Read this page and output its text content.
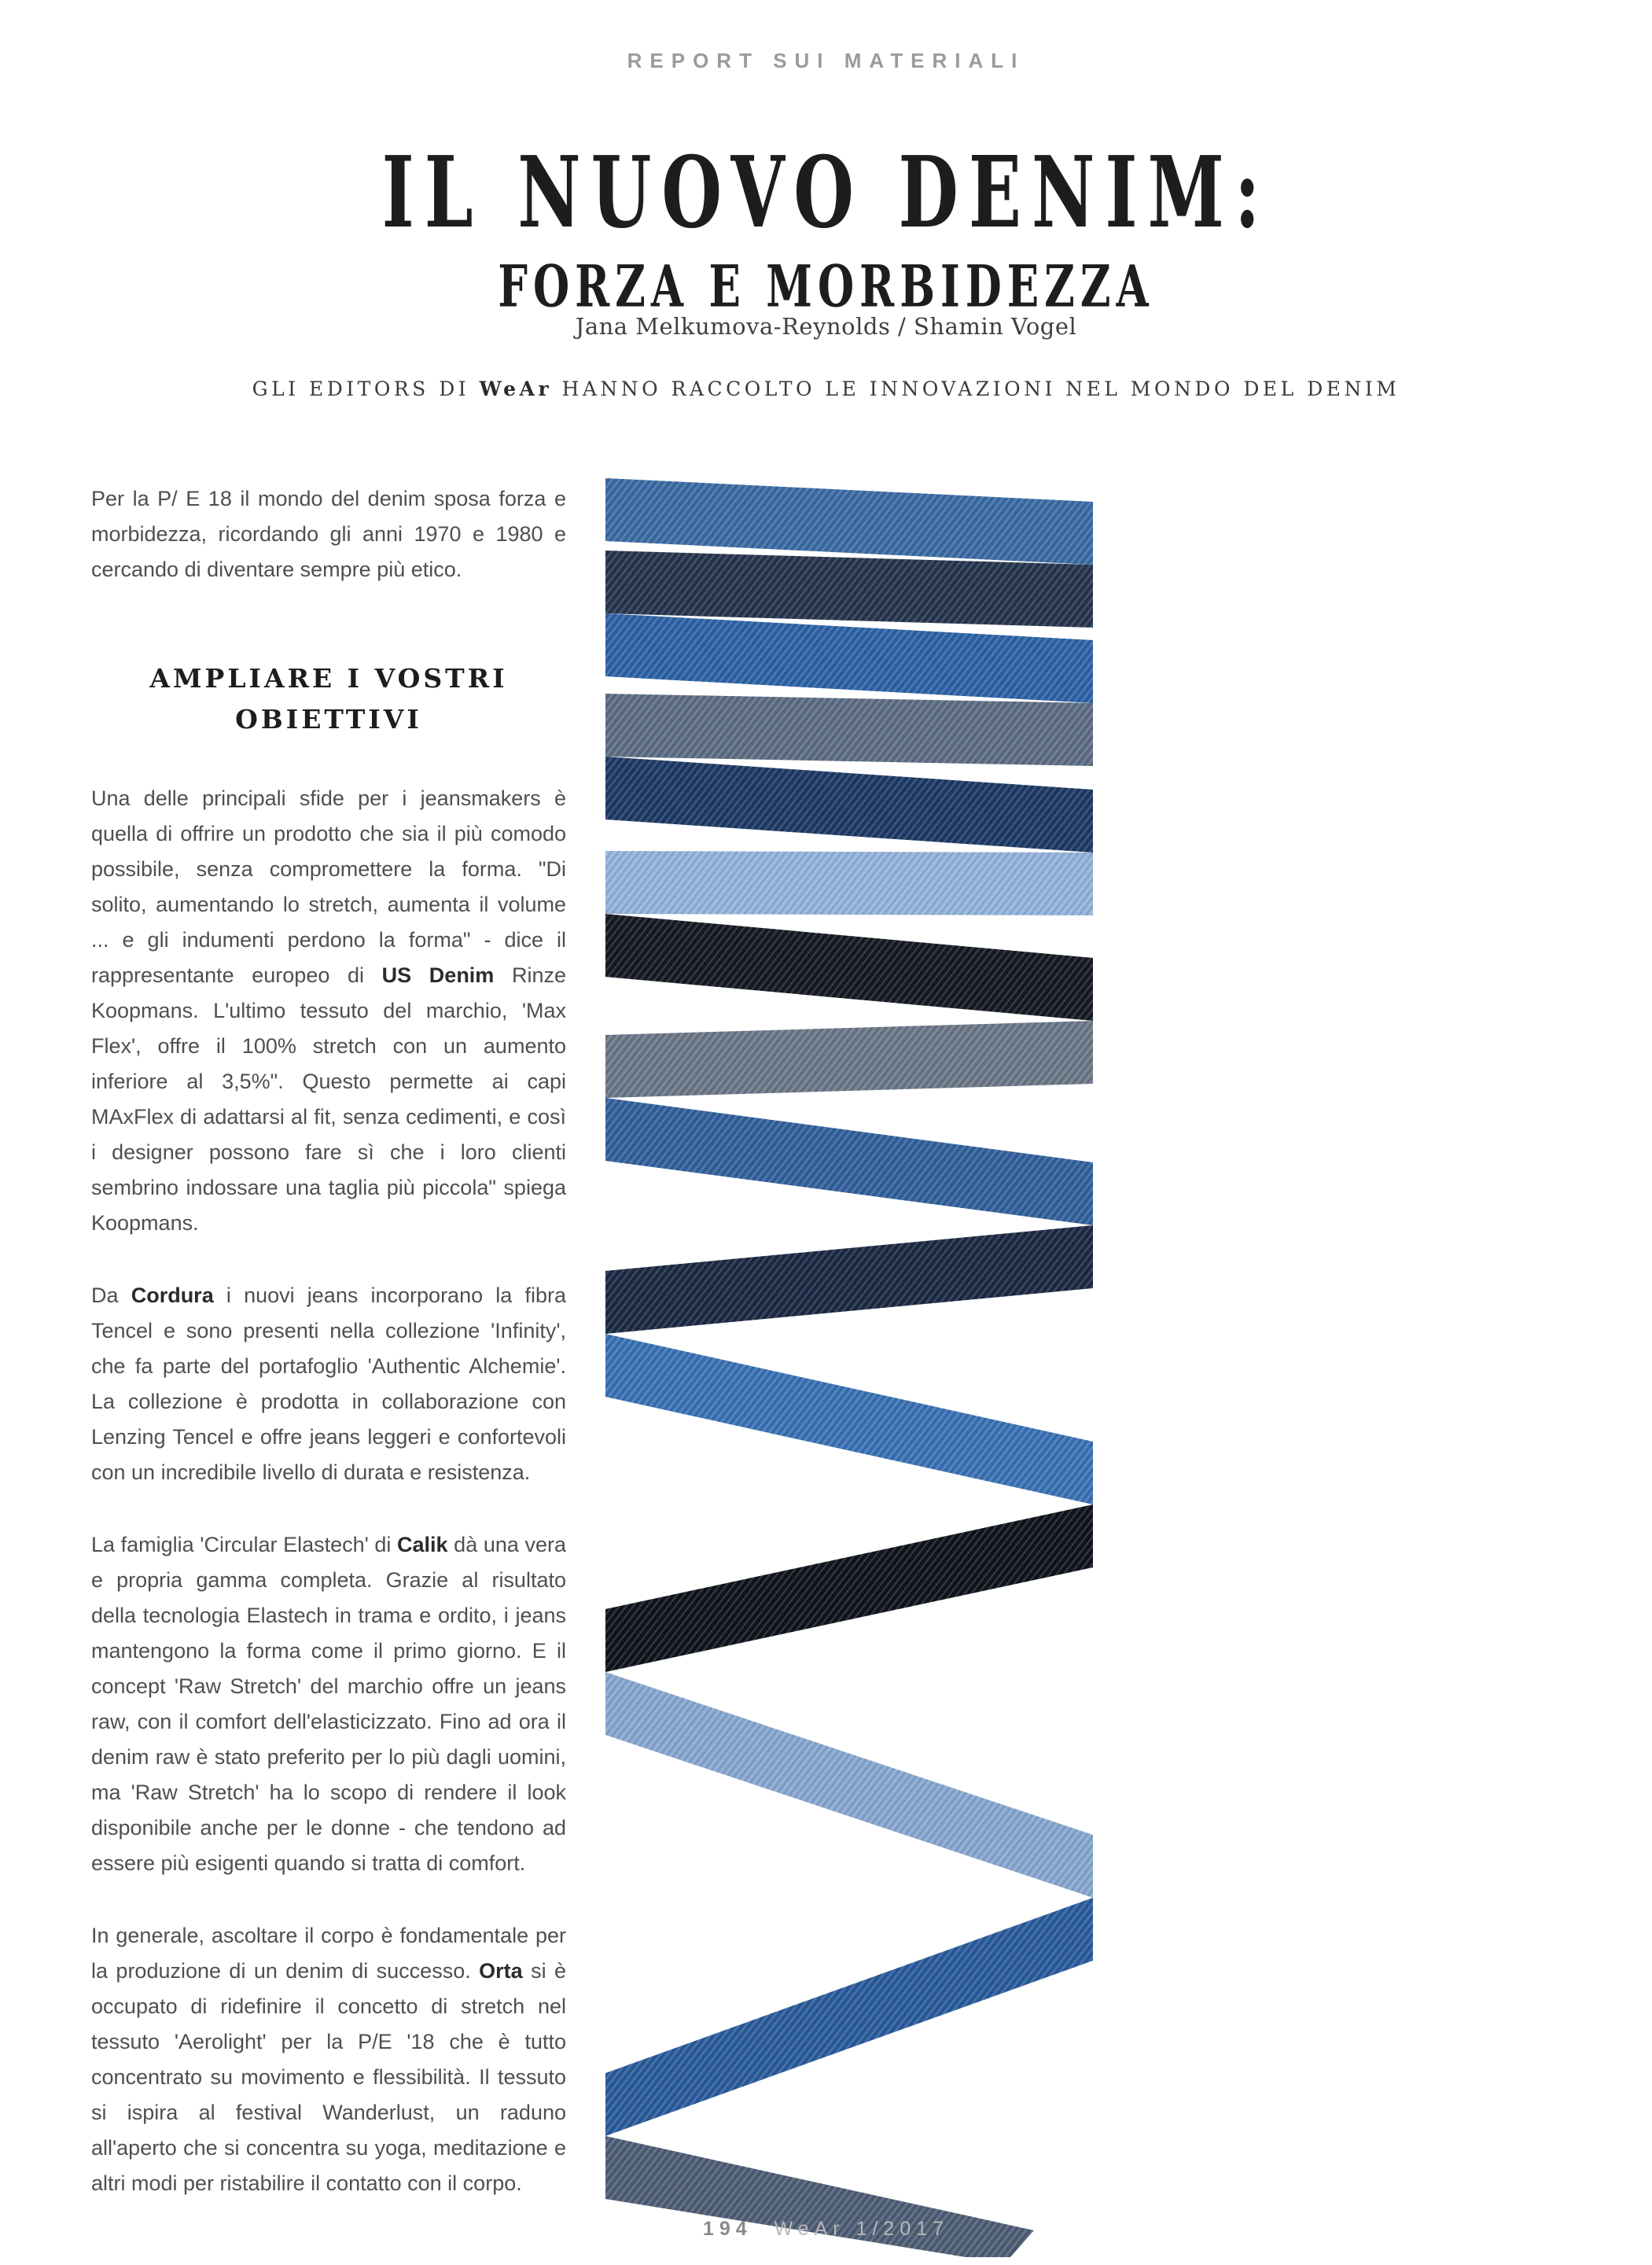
REPORT SUI MATERIALI
IL NUOVO DENIM:
FORZA E MORBIDEZZA
Jana Melkumova-Reynolds / Shamin Vogel
GLI EDITORS DI WeAr HANNO RACCOLTO LE INNOVAZIONI NEL MONDO DEL DENIM

Per la P/ E 18 il mondo del denim sposa forza e morbidezza, ricordando gli anni 1970 e 1980 e cercando di diventare sempre più etico.

AMPLIARE I VOSTRI
OBIETTIVI

Una delle principali sfide per i jeansmakers è quella di offrire un prodotto che sia il più comodo possibile, senza compromettere la forma. "Di solito, aumentando lo stretch, aumenta il volume ... e gli indumenti perdono la forma" - dice il rappresentante europeo di US Denim Rinze Koopmans. L'ultimo tessuto del marchio, 'Max Flex', offre il 100% stretch con un aumento inferiore al 3,5%". Questo permette ai capi MAxFlex di adattarsi al fit, senza cedimenti, e così i designer possono fare sì che i loro clienti sembrino indossare una taglia più piccola" spiega Koopmans.

Da Cordura i nuovi jeans incorporano la fibra Tencel e sono presenti nella collezione 'Infinity', che fa parte del portafoglio 'Authentic Alchemie'. La collezione è prodotta in collaborazione con Lenzing Tencel e offre jeans leggeri e confortevoli con un incredibile livello di durata e resistenza.

La famiglia 'Circular Elastech' di Calik dà una vera e propria gamma completa. Grazie al risultato della tecnologia Elastech in trama e ordito, i jeans mantengono la forma come il primo giorno. E il concept 'Raw Stretch' del marchio offre un jeans raw, con il comfort dell'elasticizzato. Fino ad ora il denim raw è stato preferito per lo più dagli uomini, ma 'Raw Stretch' ha lo scopo di rendere il look disponibile anche per le donne - che tendono ad essere più esigenti quando si tratta di comfort.

In generale, ascoltare il corpo è fondamentale per la produzione di un denim di successo. Orta si è occupato di ridefinire il concetto di stretch nel tessuto 'Aerolight' per la P/E '18 che è tutto concentrato su movimento e flessibilità. Il tessuto si ispira al festival Wanderlust, un raduno all'aperto che si concentra su yoga, meditazione e altri modi per ristabilire il contatto con il corpo.

194 WeAr 1/2017
